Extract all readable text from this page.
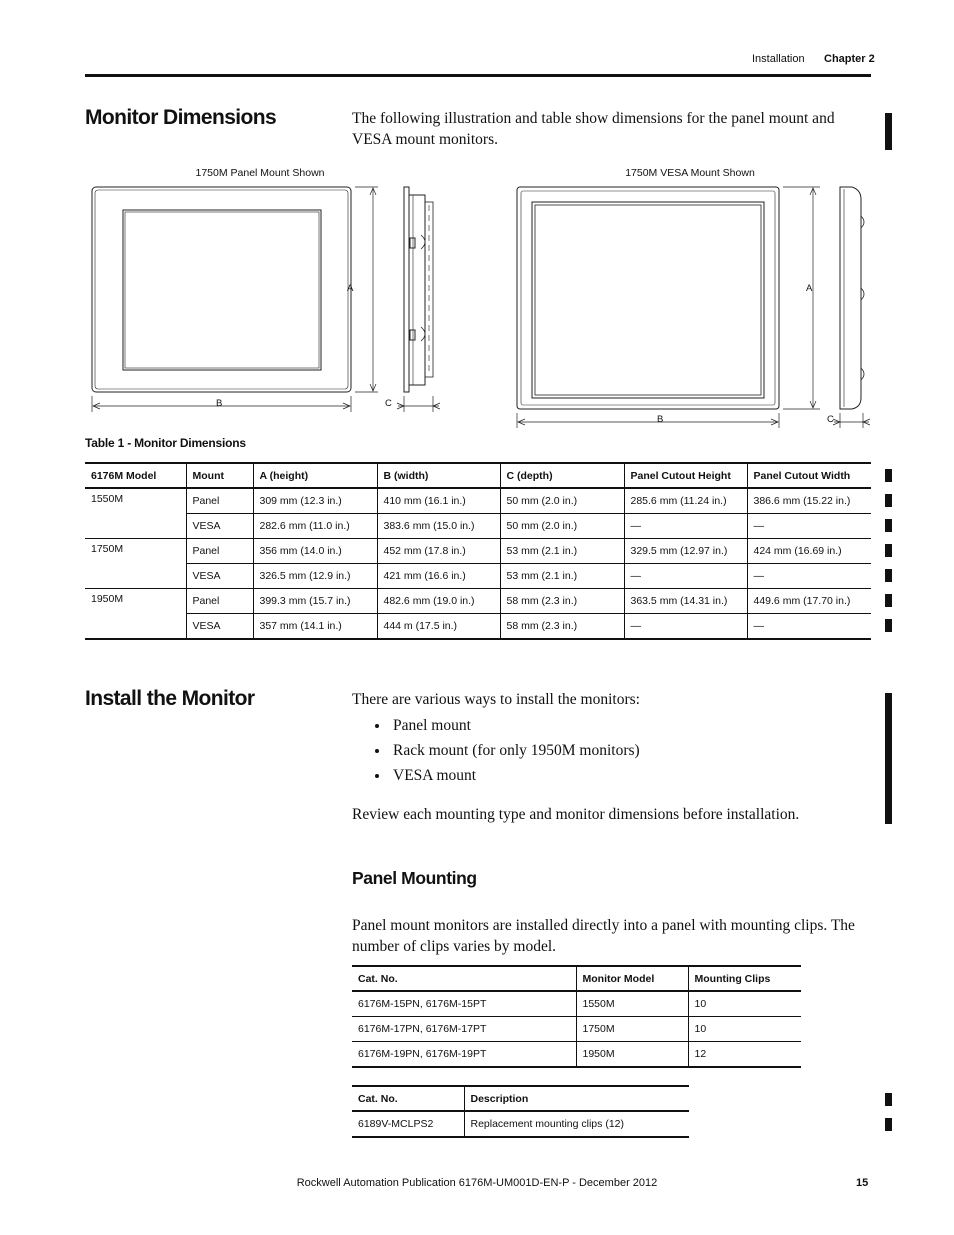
Installation Chapter 2
Monitor Dimensions	The following illustration and table show dimensions for the panel mount and VESA mount monitors.
1750M Panel Mount Shown	1750M VESA Mount Shown
A
B	C
A
B	C
Table 1 - Monitor Dimensions
6176M Model	Mount	A (height)	B (width)	C (depth)	Panel Cutout Height	Panel Cutout Width
1550M	Panel	309 mm (12.3 in.)	410 mm (16.1 in.)	50 mm (2.0 in.)	285.6 mm (11.24 in.)	386.6 mm (15.22 in.)
	VESA	282.6 mm (11.0 in.)	383.6 mm (15.0 in.)	50 mm (2.0 in.)	—	—
1750M	Panel	356 mm (14.0 in.)	452 mm (17.8 in.)	53 mm (2.1 in.)	329.5 mm (12.97 in.)	424 mm (16.69 in.)
	VESA	326.5 mm (12.9 in.)	421 mm (16.6 in.)	53 mm (2.1 in.)	—	—
1950M	Panel	399.3 mm (15.7 in.)	482.6 mm (19.0 in.)	58 mm (2.3 in.)	363.5 mm (14.31 in.)	449.6 mm (17.70 in.)
	VESA	357 mm (14.1 in.)	444 m (17.5 in.)	58 mm (2.3 in.)	—	—
Install the Monitor	There are various ways to install the monitors:
Panel mount
Rack mount (for only 1950M monitors)
VESA mount
Review each mounting type and monitor dimensions before installation.
Panel Mounting
Panel mount monitors are installed directly into a panel with mounting clips. The number of clips varies by model.
Cat. No.	Monitor Model	Mounting Clips
6176M-15PN, 6176M-15PT	1550M	10
6176M-17PN, 6176M-17PT	1750M	10
6176M-19PN, 6176M-19PT	1950M	12
Cat. No.	Description
6189V-MCLPS2	Replacement mounting clips (12)
Rockwell Automation Publication 6176M-UM001D-EN-P - December 2012	15
